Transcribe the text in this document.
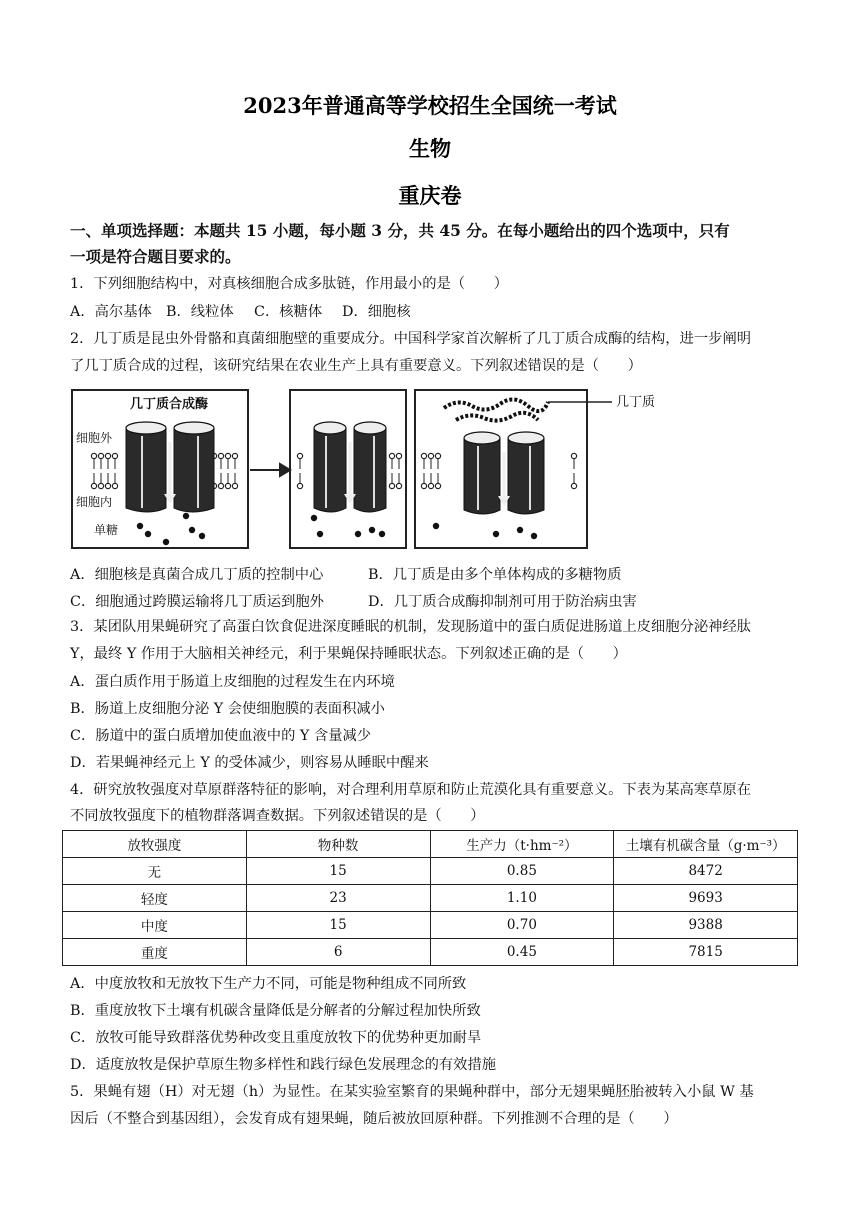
2023年普通高等学校招生全国统一考试
生物
重庆卷
一、单项选择题：本题共 15 小题，每小题 3 分，共 45 分。在每小题给出的四个选项中，只有
一项是符合题目要求的。
1．下列细胞结构中，对真核细胞合成多肽链，作用最小的是（　　）
A．高尔基体 B．线粒体 C．核糖体 D．细胞核
2．几丁质是昆虫外骨骼和真菌细胞壁的重要成分。中国科学家首次解析了几丁质合成酶的结构，进一步阐明
了几丁质合成的过程，该研究结果在农业生产上具有重要意义。下列叙述错误的是（　　）
几丁质合成酶
细胞外
细胞内
单糖
几丁质
A．细胞核是真菌合成几丁质的控制中心	B．几丁质是由多个单体构成的多糖物质
C．细胞通过跨膜运输将几丁质运到胞外	D．几丁质合成酶抑制剂可用于防治病虫害
3．某团队用果蝇研究了高蛋白饮食促进深度睡眠的机制，发现肠道中的蛋白质促进肠道上皮细胞分泌神经肽
Y，最终 Y 作用于大脑相关神经元，利于果蝇保持睡眠状态。下列叙述正确的是（　　）
A．蛋白质作用于肠道上皮细胞的过程发生在内环境
B．肠道上皮细胞分泌 Y 会使细胞膜的表面积减小
C．肠道中的蛋白质增加使血液中的 Y 含量减少
D．若果蝇神经元上 Y 的受体减少，则容易从睡眠中醒来
4．研究放牧强度对草原群落特征的影响，对合理利用草原和防止荒漠化具有重要意义。下表为某高寒草原在
不同放牧强度下的植物群落调查数据。下列叙述错误的是（　　）
放牧强度	物种数	生产力（t·hm⁻²）	土壤有机碳含量（g·m⁻³）
无	15	0.85	8472
轻度	23	1.10	9693
中度	15	0.70	9388
重度	6	0.45	7815
A．中度放牧和无放牧下生产力不同，可能是物种组成不同所致
B．重度放牧下土壤有机碳含量降低是分解者的分解过程加快所致
C．放牧可能导致群落优势种改变且重度放牧下的优势种更加耐旱
D．适度放牧是保护草原生物多样性和践行绿色发展理念的有效措施
5．果蝇有翅（H）对无翅（h）为显性。在某实验室繁育的果蝇种群中，部分无翅果蝇胚胎被转入小鼠 W 基
因后（不整合到基因组），会发育成有翅果蝇，随后被放回原种群。下列推测不合理的是（　　）
